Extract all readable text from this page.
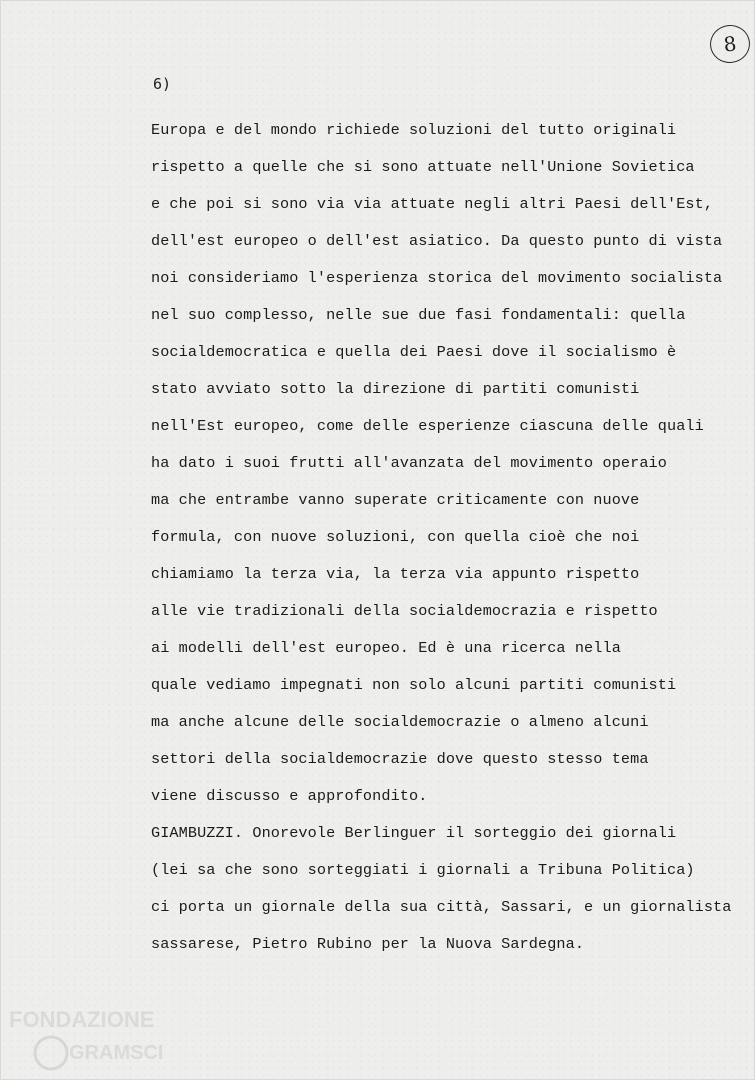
8
6)
Europa e del mondo richiede soluzioni del tutto originali
rispetto a quelle che si sono attuate nell'Unione Sovietica
e che poi si sono via via attuate negli altri Paesi dell'Est,
dell'est europeo o dell'est asiatico. Da questo punto di vista
noi consideriamo l'esperienza storica del movimento socialista
nel suo complesso, nelle sue due fasi fondamentali: quella
socialdemocratica e quella dei Paesi dove il socialismo è
stato avviato sotto la direzione di partiti comunisti
nell'Est europeo, come delle esperienze ciascuna delle quali
ha dato i suoi frutti all'avanzata del movimento operaio
ma che entrambe vanno superate criticamente con nuove
formula, con nuove soluzioni, con quella cioè che noi
chiamiamo la terza via, la terza via appunto rispetto
alle vie tradizionali della socialdemocrazia e rispetto
ai modelli dell'est europeo. Ed è una ricerca nella
quale vediamo impegnati non solo alcuni partiti comunisti
ma anche alcune delle socialdemocrazie o almeno alcuni
settori della socialdemocrazie dove questo stesso tema
viene discusso e approfondito.
GIAMBUZZI. Onorevole Berlinguer il sorteggio dei giornali
(lei sa che sono sorteggiati i giornali a Tribuna Politica)
ci porta un giornale della sua città, Sassari, e un giornalista
sassarese, Pietro Rubino per la Nuova Sardegna.
FONDAZIONE
GRAMSCI
